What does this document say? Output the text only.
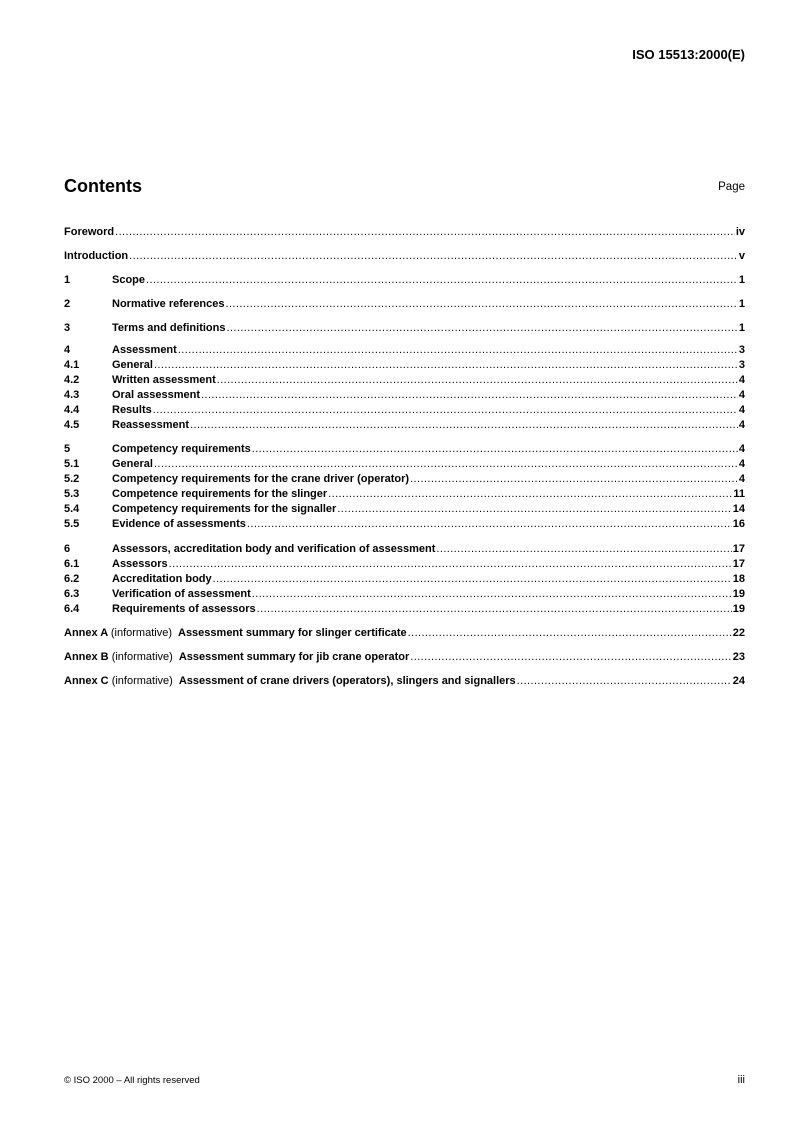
ISO 15513:2000(E)
Contents	Page
Foreword .....	iv
Introduction .....	v
1	Scope .....	1
2	Normative references .....	1
3	Terms and definitions .....	1
4	Assessment .....	3
4.1	General .....	3
4.2	Written assessment .....	4
4.3	Oral assessment .....	4
4.4	Results .....	4
4.5	Reassessment .....	4
5	Competency requirements .....	4
5.1	General .....	4
5.2	Competency requirements for the crane driver (operator) .....	4
5.3	Competence requirements for the slinger .....	11
5.4	Competency requirements for the signaller .....	14
5.5	Evidence of assessments .....	16
6	Assessors, accreditation body and verification of assessment .....	17
6.1	Assessors .....	17
6.2	Accreditation body .....	18
6.3	Verification of assessment .....	19
6.4	Requirements of assessors .....	19
Annex A (informative) Assessment summary for slinger certificate .....	22
Annex B (informative) Assessment summary for jib crane operator .....	23
Annex C (informative) Assessment of crane drivers (operators), slingers and signallers .....	24
© ISO 2000 – All rights reserved	iii
